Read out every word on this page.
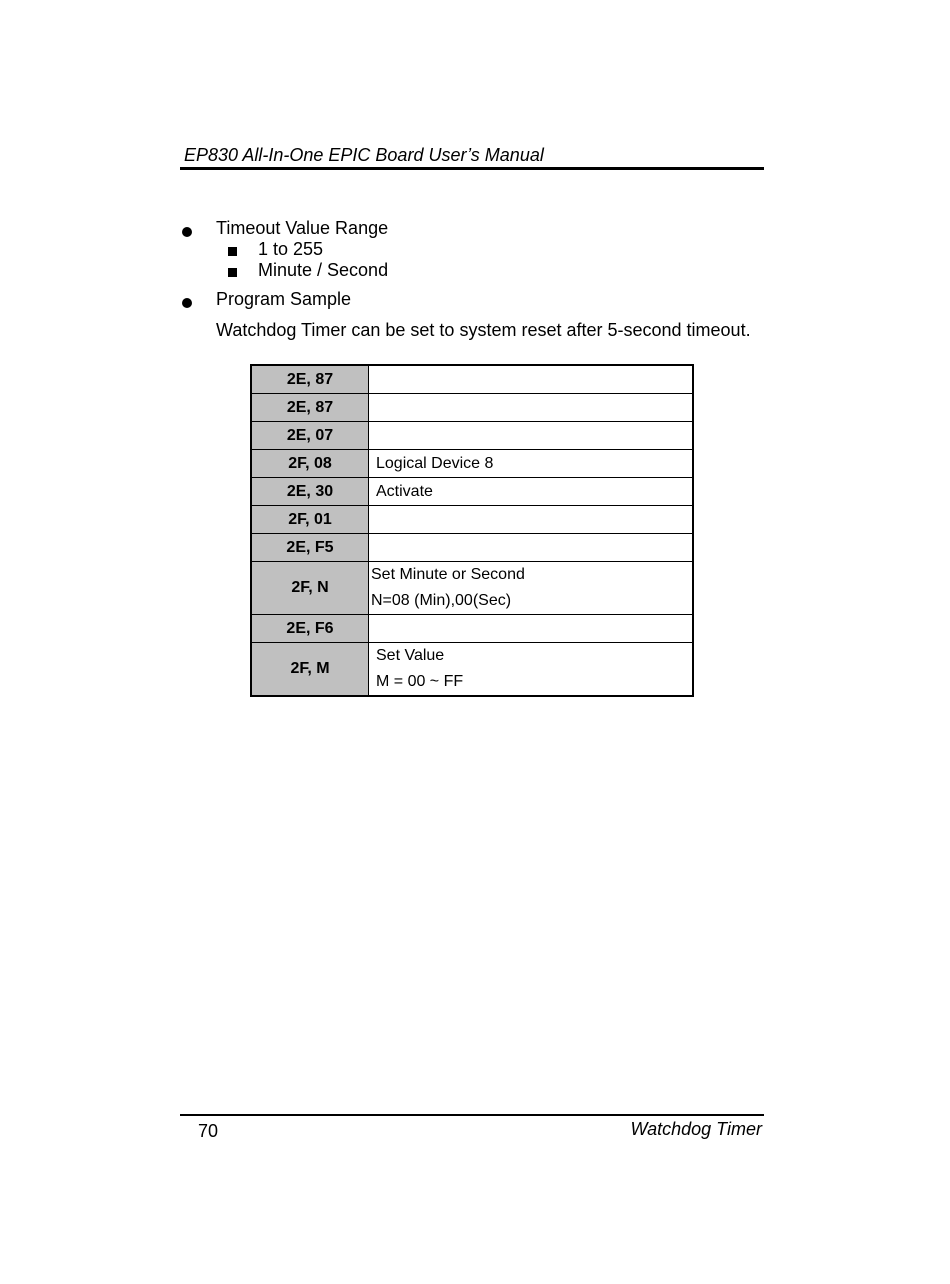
EP830 All-In-One EPIC Board User’s Manual
Timeout Value Range
1 to 255
Minute / Second
Program Sample
Watchdog Timer can be set to system reset after 5-second timeout.
2E, 87	
2E, 87	
2E, 07	
2F, 08	Logical Device 8

2E, 30	Activate

2F, 01	
2E, F5	
2F, N	Set Minute or Second
N=08 (Min),00(Sec)

2E, F6	
2F, M	Set Value
M = 00 ~ FF
70	Watchdog Timer
